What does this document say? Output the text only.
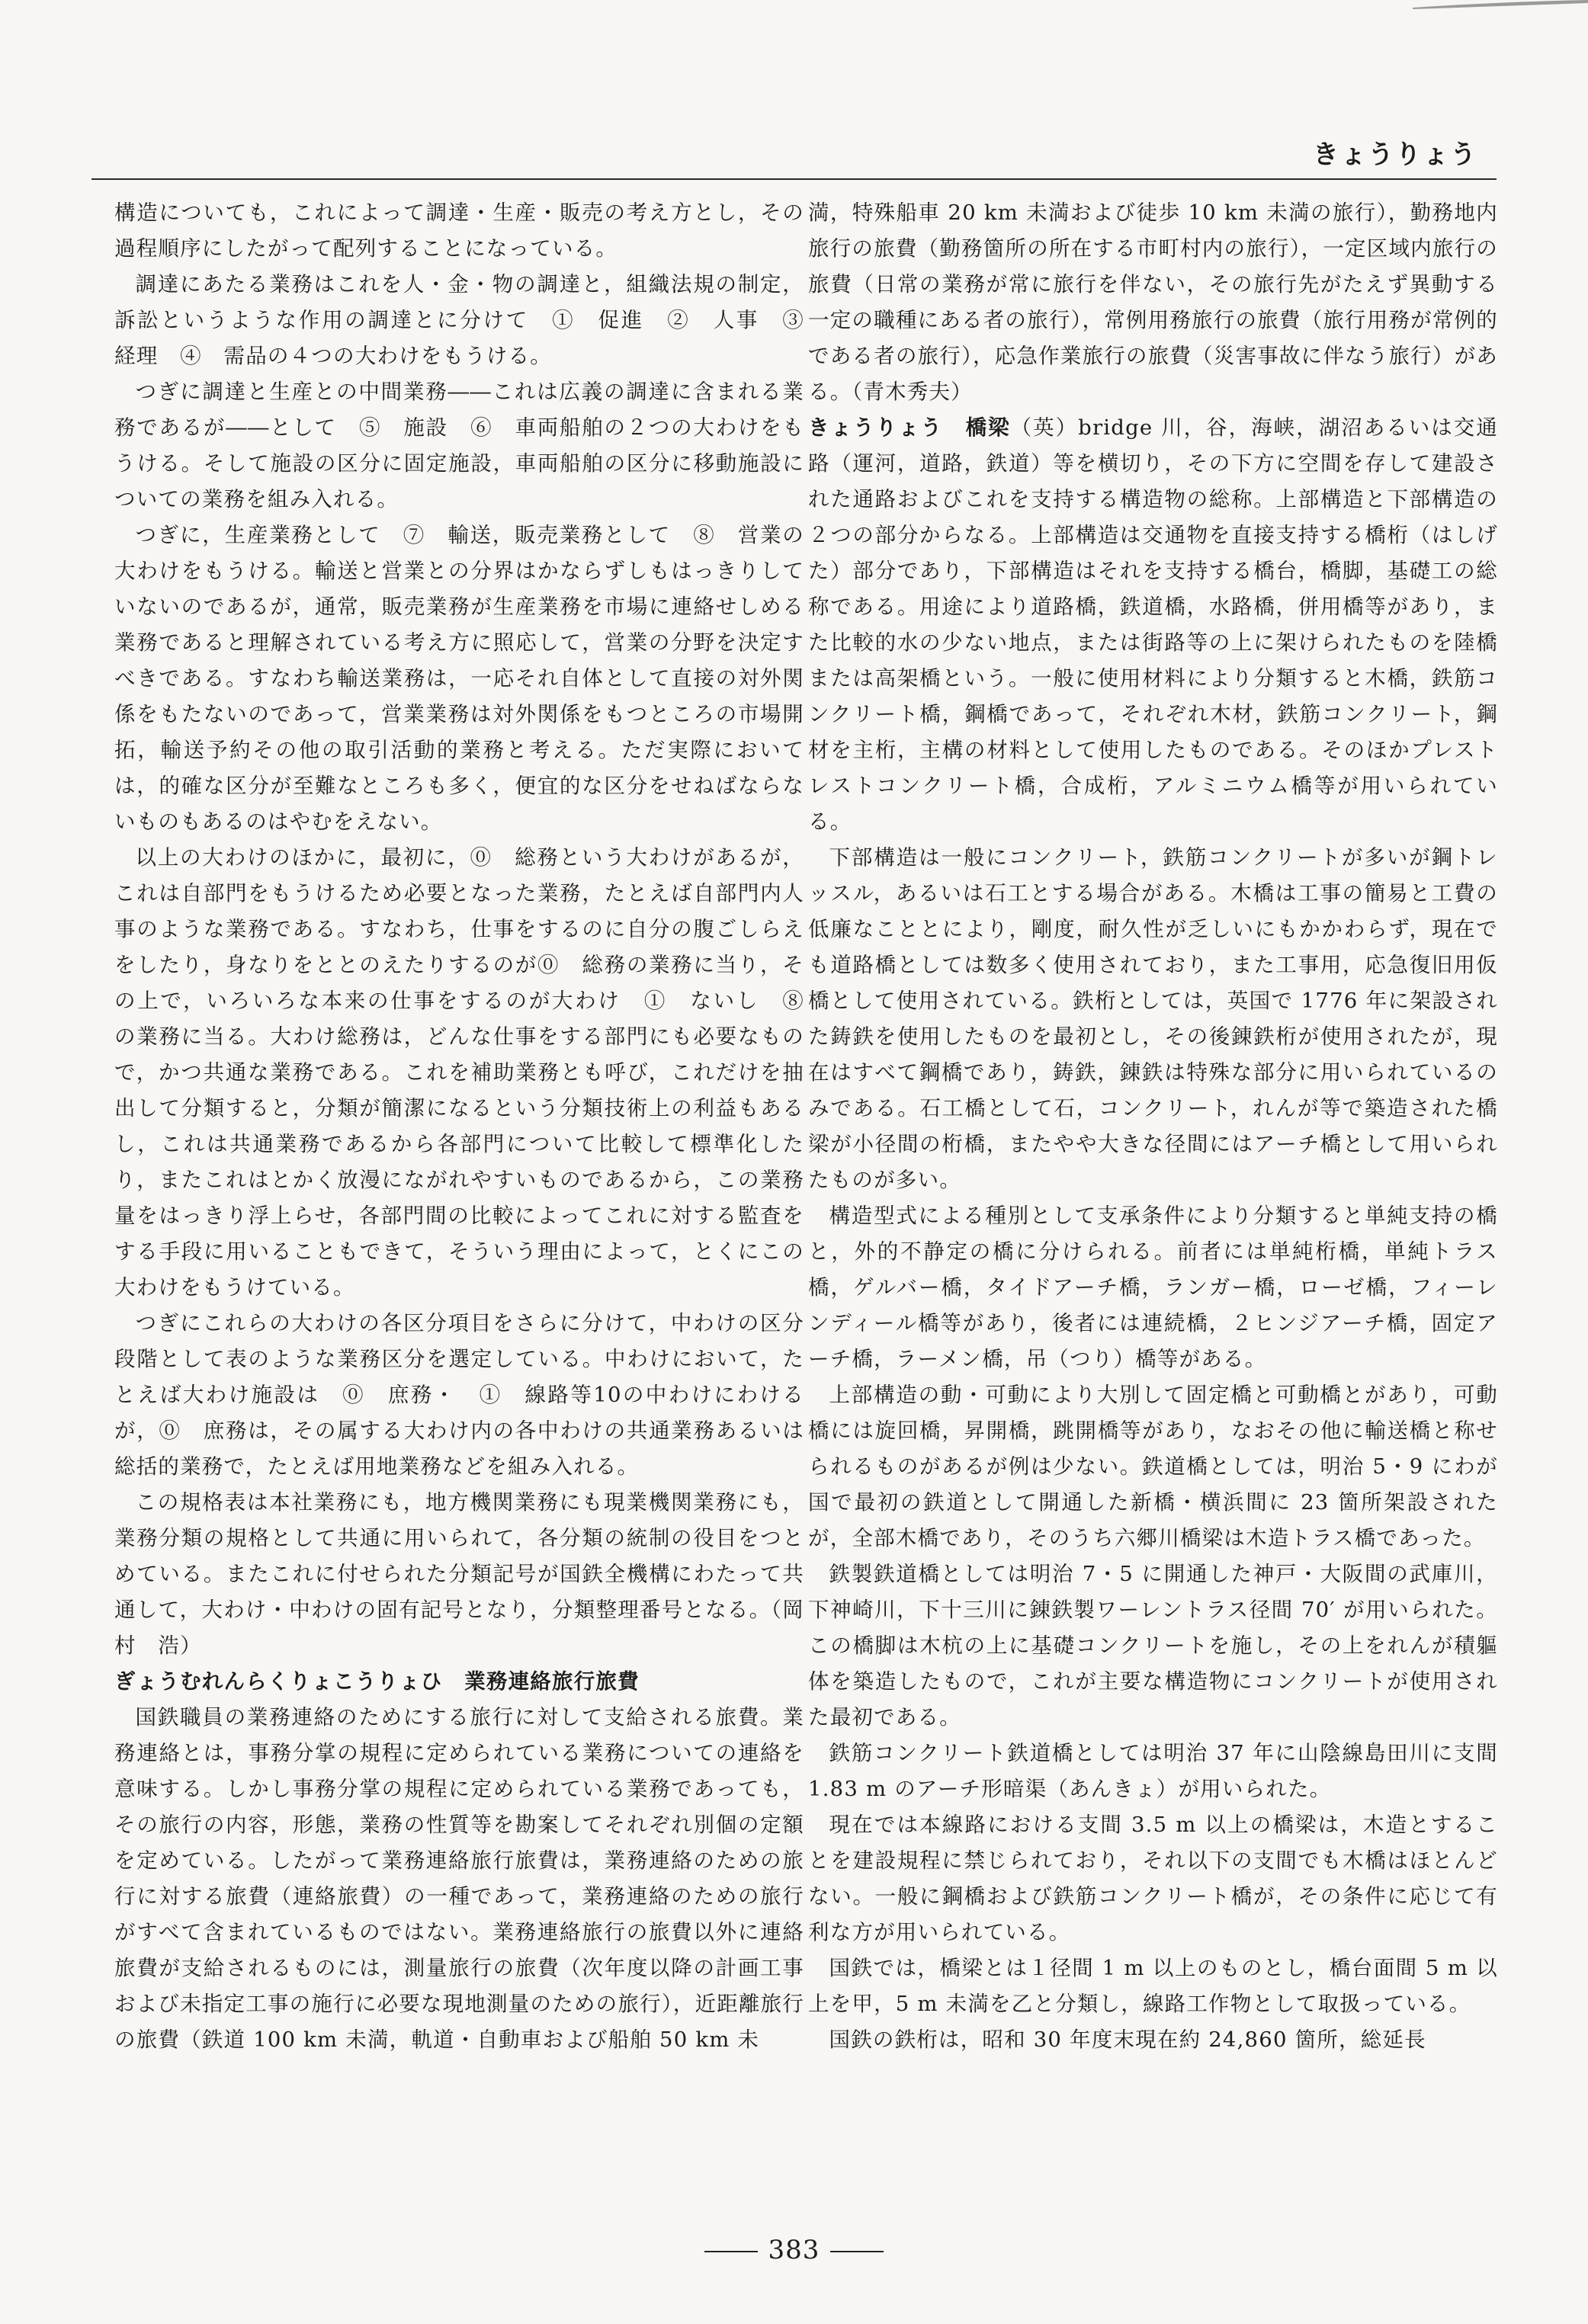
きょうりょう

構造についても，これによって調達・生産・販売の考え方とし，その過程順序にしたがって配列することになっている。

調達にあたる業務はこれを人・金・物の調達と，組織法規の制定，訴訟というような作用の調達とに分けて　①　促進　②　人事　③　経理　④　需品の４つの大わけをもうける。

つぎに調達と生産との中間業務――これは広義の調達に含まれる業務であるが――として　⑤　施設　⑥　車両船舶の２つの大わけをもうける。そして施設の区分に固定施設，車両船舶の区分に移動施設についての業務を組み入れる。

つぎに，生産業務として　⑦　輸送，販売業務として　⑧　営業の大わけをもうける。輸送と営業との分界はかならずしもはっきりしていないのであるが，通常，販売業務が生産業務を市場に連絡せしめる業務であると理解されている考え方に照応して，営業の分野を決定すべきである。すなわち輸送業務は，一応それ自体として直接の対外関係をもたないのであって，営業業務は対外関係をもつところの市場開拓，輸送予約その他の取引活動的業務と考える。ただ実際においては，的確な区分が至難なところも多く，便宜的な区分をせねばならないものもあるのはやむをえない。

以上の大わけのほかに，最初に，⓪　総務という大わけがあるが，これは自部門をもうけるため必要となった業務，たとえば自部門内人事のような業務である。すなわち，仕事をするのに自分の腹ごしらえをしたり，身なりをととのえたりするのが⓪　総務の業務に当り，その上で，いろいろな本来の仕事をするのが大わけ　①　ないし　⑧　の業務に当る。大わけ総務は，どんな仕事をする部門にも必要なもので，かつ共通な業務である。これを補助業務とも呼び，これだけを抽出して分類すると，分類が簡潔になるという分類技術上の利益もあるし，これは共通業務であるから各部門について比較して標準化したり，またこれはとかく放漫にながれやすいものであるから，この業務量をはっきり浮上らせ，各部門間の比較によってこれに対する監査をする手段に用いることもできて，そういう理由によって，とくにこの大わけをもうけている。

つぎにこれらの大わけの各区分項目をさらに分けて，中わけの区分段階として表のような業務区分を選定している。中わけにおいて，たとえば大わけ施設は　⓪　庶務・　①　線路等10の中わけにわけるが，⓪　庶務は，その属する大わけ内の各中わけの共通業務あるいは総括的業務で，たとえば用地業務などを組み入れる。

この規格表は本社業務にも，地方機関業務にも現業機関業務にも，業務分類の規格として共通に用いられて，各分類の統制の役目をつとめている。またこれに付せられた分類記号が国鉄全機構にわたって共通して，大わけ・中わけの固有記号となり，分類整理番号となる。（岡村　浩）

ぎょうむれんらくりょこうりょひ　業務連絡旅行旅費

国鉄職員の業務連絡のためにする旅行に対して支給される旅費。業務連絡とは，事務分掌の規程に定められている業務についての連絡を意味する。しかし事務分掌の規程に定められている業務であっても，その旅行の内容，形態，業務の性質等を勘案してそれぞれ別個の定額を定めている。したがって業務連絡旅行旅費は，業務連絡のための旅行に対する旅費（連絡旅費）の一種であって，業務連絡のための旅行がすべて含まれているものではない。業務連絡旅行の旅費以外に連絡旅費が支給されるものには，測量旅行の旅費（次年度以降の計画工事および未指定工事の施行に必要な現地測量のための旅行），近距離旅行の旅費（鉄道 100 km 未満，軌道・自動車および船舶 50 km 未

満，特殊船車 20 km 未満および徒歩 10 km 未満の旅行），勤務地内旅行の旅費（勤務箇所の所在する市町村内の旅行），一定区域内旅行の旅費（日常の業務が常に旅行を伴ない，その旅行先がたえず異動する一定の職種にある者の旅行），常例用務旅行の旅費（旅行用務が常例的である者の旅行），応急作業旅行の旅費（災害事故に伴なう旅行）がある。（青木秀夫）

きょうりょう　橋梁（英）bridge 川，谷，海峡，湖沼あるいは交通路（運河，道路，鉄道）等を横切り，その下方に空間を存して建設された通路およびこれを支持する構造物の総称。上部構造と下部構造の２つの部分からなる。上部構造は交通物を直接支持する橋桁（はしげた）部分であり，下部構造はそれを支持する橋台，橋脚，基礎工の総称である。用途により道路橋，鉄道橋，水路橋，併用橋等があり，また比較的水の少ない地点，または街路等の上に架けられたものを陸橋または高架橋という。一般に使用材料により分類すると木橋，鉄筋コンクリート橋，鋼橋であって，それぞれ木材，鉄筋コンクリート，鋼材を主桁，主構の材料として使用したものである。そのほかプレストレストコンクリート橋，合成桁，アルミニウム橋等が用いられている。

下部構造は一般にコンクリート，鉄筋コンクリートが多いが鋼トレッスル，あるいは石工とする場合がある。木橋は工事の簡易と工費の低廉なこととにより，剛度，耐久性が乏しいにもかかわらず，現在でも道路橋としては数多く使用されており，また工事用，応急復旧用仮橋として使用されている。鉄桁としては，英国で 1776 年に架設された鋳鉄を使用したものを最初とし，その後錬鉄桁が使用されたが，現在はすべて鋼橋であり，鋳鉄，錬鉄は特殊な部分に用いられているのみである。石工橋として石，コンクリート，れんが等で築造された橋梁が小径間の桁橋，またやや大きな径間にはアーチ橋として用いられたものが多い。

構造型式による種別として支承条件により分類すると単純支持の橋と，外的不静定の橋に分けられる。前者には単純桁橋，単純トラス橋，ゲルバー橋，タイドアーチ橋，ランガー橋，ローゼ橋，フィーレンディール橋等があり，後者には連続橋，２ヒンジアーチ橋，固定アーチ橋，ラーメン橋，吊（つり）橋等がある。

上部構造の動・可動により大別して固定橋と可動橋とがあり，可動橋には旋回橋，昇開橋，跳開橋等があり，なおその他に輸送橋と称せられるものがあるが例は少ない。鉄道橋としては，明治 5・9 にわが国で最初の鉄道として開通した新橋・横浜間に 23 箇所架設されたが，全部木橋であり，そのうち六郷川橋梁は木造トラス橋であった。

鉄製鉄道橋としては明治 7・5 に開通した神戸・大阪間の武庫川，下神崎川，下十三川に錬鉄製ワーレントラス径間 70′ が用いられた。この橋脚は木杭の上に基礎コンクリートを施し，その上をれんが積軀体を築造したもので，これが主要な構造物にコンクリートが使用された最初である。

鉄筋コンクリート鉄道橋としては明治 37 年に山陰線島田川に支間 1.83 m のアーチ形暗渠（あんきょ）が用いられた。

現在では本線路における支間 3.5 m 以上の橋梁は，木造とすることを建設規程に禁じられており，それ以下の支間でも木橋はほとんどない。一般に鋼橋および鉄筋コンクリート橋が，その条件に応じて有利な方が用いられている。

国鉄では，橋梁とは１径間 1 m 以上のものとし，橋台面間 5 m 以上を甲，5 m 未満を乙と分類し，線路工作物として取扱っている。

国鉄の鉄桁は，昭和 30 年度末現在約 24,860 箇所，総延長

383
